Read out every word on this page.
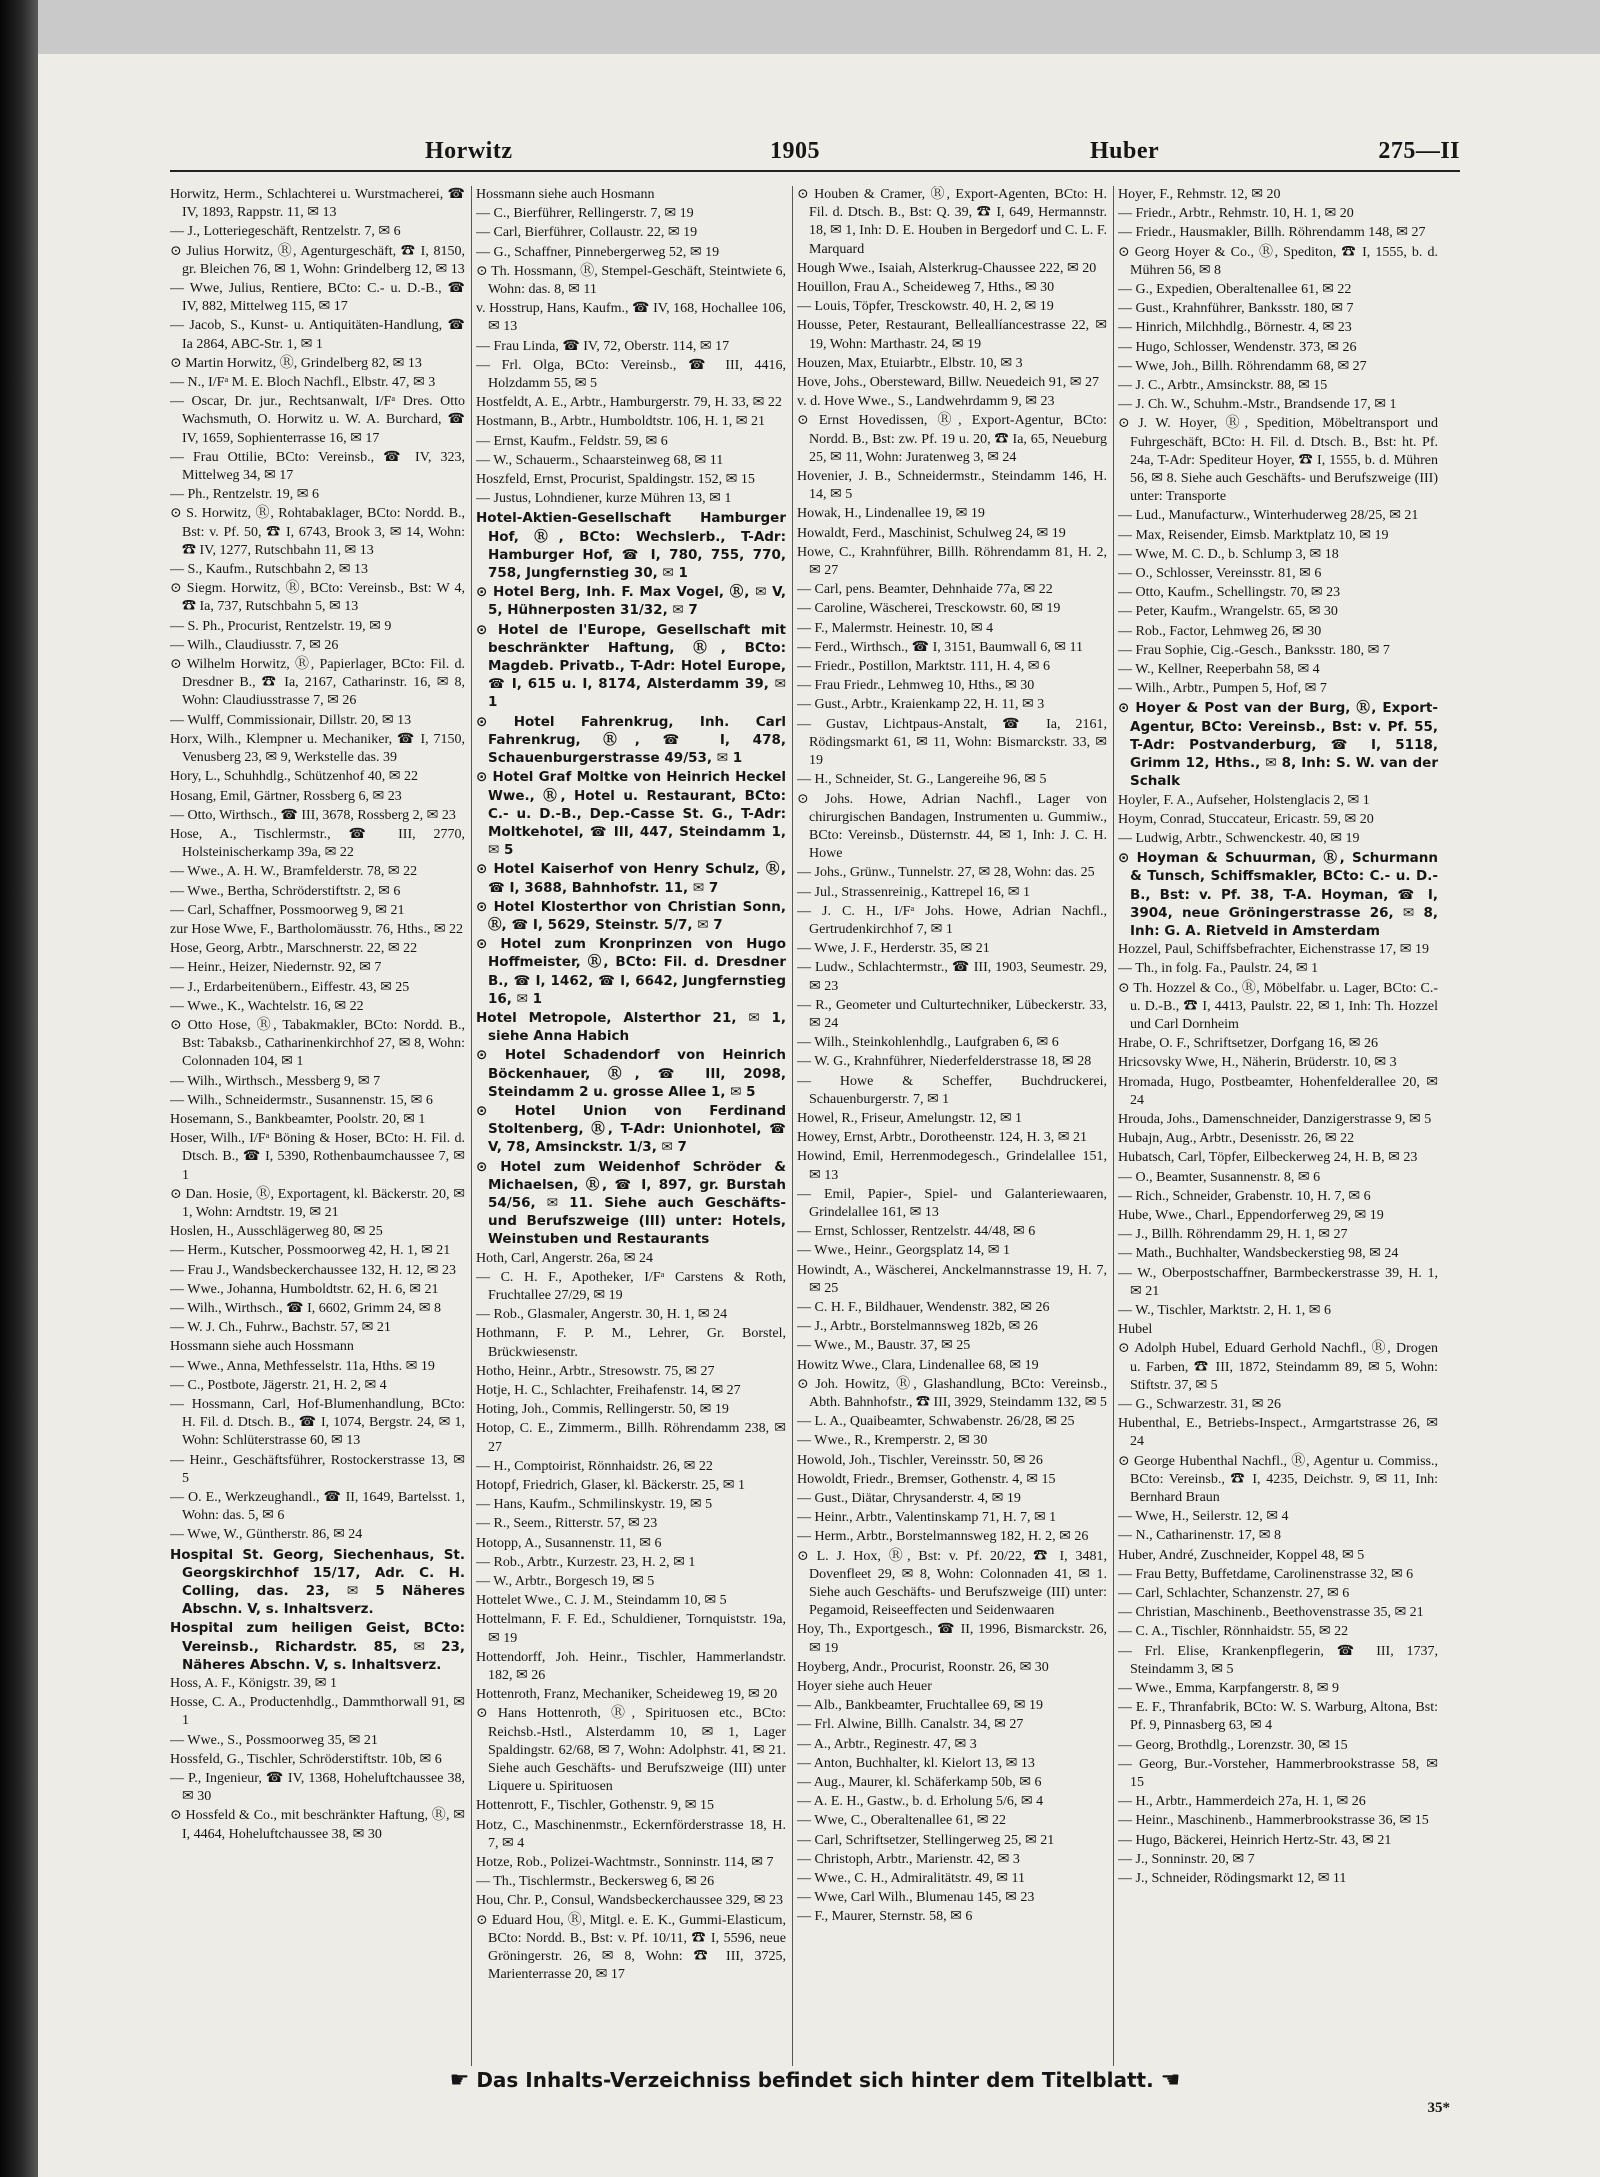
Horwitz	1905	Huber	275—II

Horwitz, Herm., Schlachterei u. Wurstmacherei, ☎ IV, 1893, Rappstr. 11, ✉ 13

— J., Lotteriegeschäft, Rentzelstr. 7, ✉ 6

⊙ Julius Horwitz, Ⓡ, Agenturgeschäft, ☎ I, 8150, gr. Bleichen 76, ✉ 1, Wohn: Grindelberg 12, ✉ 13

— Wwe, Julius, Rentiere, BCto: C.- u. D.-B., ☎ IV, 882, Mittelweg 115, ✉ 17

— Jacob, S., Kunst- u. Antiquitäten-Handlung, ☎ Ia 2864, ABC-Str. 1, ✉ 1

⊙ Martin Horwitz, Ⓡ, Grindelberg 82, ✉ 13

— N., I/Fᵃ M. E. Bloch Nachfl., Elbstr. 47, ✉ 3

— Oscar, Dr. jur., Rechtsanwalt, I/Fᵃ Dres. Otto Wachsmuth, O. Horwitz u. W. A. Burchard, ☎ IV, 1659, Sophienterrasse 16, ✉ 17

— Frau Ottilie, BCto: Vereinsb., ☎ IV, 323, Mittelweg 34, ✉ 17

— Ph., Rentzelstr. 19, ✉ 6

⊙ S. Horwitz, Ⓡ, Rohtabaklager, BCto: Nordd. B., Bst: v. Pf. 50, ☎ I, 6743, Brook 3, ✉ 14, Wohn: ☎ IV, 1277, Rutschbahn 11, ✉ 13

— S., Kaufm., Rutschbahn 2, ✉ 13

⊙ Siegm. Horwitz, Ⓡ, BCto: Vereinsb., Bst: W 4, ☎ Ia, 737, Rutschbahn 5, ✉ 13

— S. Ph., Procurist, Rentzelstr. 19, ✉ 9

— Wilh., Claudiusstr. 7, ✉ 26

⊙ Wilhelm Horwitz, Ⓡ, Papierlager, BCto: Fil. d. Dresdner B., ☎ Ia, 2167, Catharinstr. 16, ✉ 8, Wohn: Claudiusstrasse 7, ✉ 26

— Wulff, Commissionair, Dillstr. 20, ✉ 13

Horx, Wilh., Klempner u. Mechaniker, ☎ I, 7150, Venusberg 23, ✉ 9, Werkstelle das. 39

Hory, L., Schuhhdlg., Schützenhof 40, ✉ 22

Hosang, Emil, Gärtner, Rossberg 6, ✉ 23

— Otto, Wirthsch., ☎ III, 3678, Rossberg 2, ✉ 23

Hose, A., Tischlermstr., ☎ III, 2770, Holsteinischerkamp 39a, ✉ 22

— Wwe., A. H. W., Bramfelderstr. 78, ✉ 22

— Wwe., Bertha, Schröderstiftstr. 2, ✉ 6

— Carl, Schaffner, Possmoorweg 9, ✉ 21

zur Hose Wwe, F., Bartholomäusstr. 76, Hths., ✉ 22

Hose, Georg, Arbtr., Marschnerstr. 22, ✉ 22

— Heinr., Heizer, Niedernstr. 92, ✉ 7

— J., Erdarbeitenübern., Eiffestr. 43, ✉ 25

— Wwe., K., Wachtelstr. 16, ✉ 22

⊙ Otto Hose, Ⓡ, Tabakmakler, BCto: Nordd. B., Bst: Tabaksb., Catharinenkirchhof 27, ✉ 8, Wohn: Colonnaden 104, ✉ 1

— Wilh., Wirthsch., Messberg 9, ✉ 7

— Wilh., Schneidermstr., Susannenstr. 15, ✉ 6

Hosemann, S., Bankbeamter, Poolstr. 20, ✉ 1

Hoser, Wilh., I/Fᵃ Böning & Hoser, BCto: H. Fil. d. Dtsch. B., ☎ I, 5390, Rothenbaumchaussee 7, ✉ 1

⊙ Dan. Hosie, Ⓡ, Exportagent, kl. Bäckerstr. 20, ✉ 1, Wohn: Arndtstr. 19, ✉ 21

Hoslen, H., Ausschlägerweg 80, ✉ 25

— Herm., Kutscher, Possmoorweg 42, H. 1, ✉ 21

— Frau J., Wandsbeckerchaussee 132, H. 12, ✉ 23

— Wwe., Johanna, Humboldtstr. 62, H. 6, ✉ 21

— Wilh., Wirthsch., ☎ I, 6602, Grimm 24, ✉ 8

— W. J. Ch., Fuhrw., Bachstr. 57, ✉ 21

Hossmann siehe auch Hossmann

— Wwe., Anna, Methfesselstr. 11a, Hths. ✉ 19

— C., Postbote, Jägerstr. 21, H. 2, ✉ 4

— Hossmann, Carl, Hof-Blumenhandlung, BCto: H. Fil. d. Dtsch. B., ☎ I, 1074, Bergstr. 24, ✉ 1, Wohn: Schlüterstrasse 60, ✉ 13

— Heinr., Geschäftsführer, Rostockerstrasse 13, ✉ 5

— O. E., Werkzeughandl., ☎ II, 1649, Bartelsst. 1, Wohn: das. 5, ✉ 6

— Wwe, W., Güntherstr. 86, ✉ 24

Hospital St. Georg, Siechenhaus, St. Georgskirchhof 15/17, Adr. C. H. Colling, das. 23, ✉ 5 Näheres Abschn. V, s. Inhaltsverz.

Hospital zum heiligen Geist, BCto: Vereinsb., Richardstr. 85, ✉ 23, Näheres Abschn. V, s. Inhaltsverz.

Hoss, A. F., Königstr. 39, ✉ 1

Hosse, C. A., Productenhdlg., Dammthorwall 91, ✉ 1

— Wwe., S., Possmoorweg 35, ✉ 21

Hossfeld, G., Tischler, Schröderstiftstr. 10b, ✉ 6

— P., Ingenieur, ☎ IV, 1368, Hoheluftchaussee 38, ✉ 30

⊙ Hossfeld & Co., mit beschränkter Haftung, Ⓡ, ✉ I, 4464, Hoheluftchaussee 38, ✉ 30

Hossmann siehe auch Hosmann

— C., Bierführer, Rellingerstr. 7, ✉ 19

— Carl, Bierführer, Collaustr. 22, ✉ 19

— G., Schaffner, Pinnebergerweg 52, ✉ 19

⊙ Th. Hossmann, Ⓡ, Stempel-Geschäft, Steintwiete 6, Wohn: das. 8, ✉ 11

v. Hosstrup, Hans, Kaufm., ☎ IV, 168, Hochallee 106, ✉ 13

— Frau Linda, ☎ IV, 72, Oberstr. 114, ✉ 17

— Frl. Olga, BCto: Vereinsb., ☎ III, 4416, Holzdamm 55, ✉ 5

Hostfeldt, A. E., Arbtr., Hamburgerstr. 79, H. 33, ✉ 22

Hostmann, B., Arbtr., Humboldtstr. 106, H. 1, ✉ 21

— Ernst, Kaufm., Feldstr. 59, ✉ 6

— W., Schauerm., Schaarsteinweg 68, ✉ 11

Hoszfeld, Ernst, Procurist, Spaldingstr. 152, ✉ 15

— Justus, Lohndiener, kurze Mühren 13, ✉ 1

Hotel-Aktien-Gesellschaft Hamburger Hof, Ⓡ, BCto: Wechslerb., T-Adr: Hamburger Hof, ☎ I, 780, 755, 770, 758, Jungfernstieg 30, ✉ 1

⊙ Hotel Berg, Inh. F. Max Vogel, Ⓡ, ✉ V, 5, Hühnerposten 31/32, ✉ 7

⊙ Hotel de l'Europe, Gesellschaft mit beschränkter Haftung, Ⓡ, BCto: Magdeb. Privatb., T-Adr: Hotel Europe, ☎ I, 615 u. I, 8174, Alsterdamm 39, ✉ 1

⊙ Hotel Fahrenkrug, Inh. Carl Fahrenkrug, Ⓡ, ☎ I, 478, Schauenburgerstrasse 49/53, ✉ 1

⊙ Hotel Graf Moltke von Heinrich Heckel Wwe., Ⓡ, Hotel u. Restaurant, BCto: C.- u. D.-B., Dep.-Casse St. G., T-Adr: Moltkehotel, ☎ III, 447, Steindamm 1, ✉ 5

⊙ Hotel Kaiserhof von Henry Schulz, Ⓡ, ☎ I, 3688, Bahnhofstr. 11, ✉ 7

⊙ Hotel Klosterthor von Christian Sonn, Ⓡ, ☎ I, 5629, Steinstr. 5/7, ✉ 7

⊙ Hotel zum Kronprinzen von Hugo Hoffmeister, Ⓡ, BCto: Fil. d. Dresdner B., ☎ I, 1462, ☎ I, 6642, Jungfernstieg 16, ✉ 1

Hotel Metropole, Alsterthor 21, ✉ 1, siehe Anna Habich

⊙ Hotel Schadendorf von Heinrich Böckenhauer, Ⓡ, ☎ III, 2098, Steindamm 2 u. grosse Allee 1, ✉ 5

⊙ Hotel Union von Ferdinand Stoltenberg, Ⓡ, T-Adr: Unionhotel, ☎ V, 78, Amsinckstr. 1/3, ✉ 7

⊙ Hotel zum Weidenhof Schröder & Michaelsen, Ⓡ, ☎ I, 897, gr. Burstah 54/56, ✉ 11. Siehe auch Geschäfts- und Berufszweige (III) unter: Hotels, Weinstuben und Restaurants

Hoth, Carl, Angerstr. 26a, ✉ 24

— C. H. F., Apotheker, I/Fᵃ Carstens & Roth, Fruchtallee 27/29, ✉ 19

— Rob., Glasmaler, Angerstr. 30, H. 1, ✉ 24

Hothmann, F. P. M., Lehrer, Gr. Borstel, Brückwiesenstr.

Hotho, Heinr., Arbtr., Stresowstr. 75, ✉ 27

Hotje, H. C., Schlachter, Freihafenstr. 14, ✉ 27

Hoting, Joh., Commis, Rellingerstr. 50, ✉ 19

Hotop, C. E., Zimmerm., Billh. Röhrendamm 238, ✉ 27

— H., Comptoirist, Rönnhaidstr. 26, ✉ 22

Hotopf, Friedrich, Glaser, kl. Bäckerstr. 25, ✉ 1

— Hans, Kaufm., Schmilinskystr. 19, ✉ 5

— R., Seem., Ritterstr. 57, ✉ 23

Hotopp, A., Susannenstr. 11, ✉ 6

— Rob., Arbtr., Kurzestr. 23, H. 2, ✉ 1

— W., Arbtr., Borgesch 19, ✉ 5

Hottelet Wwe., C. J. M., Steindamm 10, ✉ 5

Hottelmann, F. F. Ed., Schuldiener, Tornquiststr. 19a, ✉ 19

Hottendorff, Joh. Heinr., Tischler, Hammerlandstr. 182, ✉ 26

Hottenroth, Franz, Mechaniker, Scheideweg 19, ✉ 20

⊙ Hans Hottenroth, Ⓡ, Spirituosen etc., BCto: Reichsb.-Hstl., Alsterdamm 10, ✉ 1, Lager Spaldingstr. 62/68, ✉ 7, Wohn: Adolphstr. 41, ✉ 21. Siehe auch Geschäfts- und Berufszweige (III) unter Liquere u. Spirituosen

Hottenrott, F., Tischler, Gothenstr. 9, ✉ 15

Hotz, C., Maschinenmstr., Eckernförderstrasse 18, H. 7, ✉ 4

Hotze, Rob., Polizei-Wachtmstr., Sonninstr. 114, ✉ 7

— Th., Tischlermstr., Beckersweg 6, ✉ 26

Hou, Chr. P., Consul, Wandsbeckerchaussee 329, ✉ 23

⊙ Eduard Hou, Ⓡ, Mitgl. e. E. K., Gummi-Elasticum, BCto: Nordd. B., Bst: v. Pf. 10/11, ☎ I, 5596, neue Gröningerstr. 26, ✉ 8, Wohn: ☎ III, 3725, Marienterrasse 20, ✉ 17

⊙ Houben & Cramer, Ⓡ, Export-Agenten, BCto: H. Fil. d. Dtsch. B., Bst: Q. 39, ☎ I, 649, Hermannstr. 18, ✉ 1, Inh: D. E. Houben in Bergedorf und C. L. F. Marquard

Hough Wwe., Isaiah, Alsterkrug-Chaussee 222, ✉ 20

Houillon, Frau A., Scheideweg 7, Hths., ✉ 30

— Louis, Töpfer, Tresckowstr. 40, H. 2, ✉ 19

Housse, Peter, Restaurant, Belleallíancestrasse 22, ✉ 19, Wohn: Marthastr. 24, ✉ 19

Houzen, Max, Etuiarbtr., Elbstr. 10, ✉ 3

Hove, Johs., Obersteward, Billw. Neuedeich 91, ✉ 27

v. d. Hove Wwe., S., Landwehrdamm 9, ✉ 23

⊙ Ernst Hovedissen, Ⓡ, Export-Agentur, BCto: Nordd. B., Bst: zw. Pf. 19 u. 20, ☎ Ia, 65, Neueburg 25, ✉ 11, Wohn: Juratenweg 3, ✉ 24

Hovenier, J. B., Schneidermstr., Steindamm 146, H. 14, ✉ 5

Howak, H., Lindenallee 19, ✉ 19

Howaldt, Ferd., Maschinist, Schulweg 24, ✉ 19

Howe, C., Krahnführer, Billh. Röhrendamm 81, H. 2, ✉ 27

— Carl, pens. Beamter, Dehnhaide 77a, ✉ 22

— Caroline, Wäscherei, Tresckowstr. 60, ✉ 19

— F., Malermstr. Heinestr. 10, ✉ 4

— Ferd., Wirthsch., ☎ I, 3151, Baumwall 6, ✉ 11

— Friedr., Postillon, Marktstr. 111, H. 4, ✉ 6

— Frau Friedr., Lehmweg 10, Hths., ✉ 30

— Gust., Arbtr., Kraienkamp 22, H. 11, ✉ 3

— Gustav, Lichtpaus-Anstalt, ☎ Ia, 2161, Rödingsmarkt 61, ✉ 11, Wohn: Bismarckstr. 33, ✉ 19

— H., Schneider, St. G., Langereihe 96, ✉ 5

⊙ Johs. Howe, Adrian Nachfl., Lager von chirurgischen Bandagen, Instrumenten u. Gummiw., BCto: Vereinsb., Düsternstr. 44, ✉ 1, Inh: J. C. H. Howe

— Johs., Grünw., Tunnelstr. 27, ✉ 28, Wohn: das. 25

— Jul., Strassenreinig., Kattrepel 16, ✉ 1

— J. C. H., I/Fᵃ Johs. Howe, Adrian Nachfl., Gertrudenkirchhof 7, ✉ 1

— Wwe, J. F., Herderstr. 35, ✉ 21

— Ludw., Schlachtermstr., ☎ III, 1903, Seumestr. 29, ✉ 23

— R., Geometer und Culturtechniker, Lübeckerstr. 33, ✉ 24

— Wilh., Steinkohlenhdlg., Laufgraben 6, ✉ 6

— W. G., Krahnführer, Niederfelderstrasse 18, ✉ 28

— Howe & Scheffer, Buchdruckerei, Schauenburgerstr. 7, ✉ 1

Howel, R., Friseur, Amelungstr. 12, ✉ 1

Howey, Ernst, Arbtr., Dorotheenstr. 124, H. 3, ✉ 21

Howind, Emil, Herrenmodegesch., Grindelallee 151, ✉ 13

— Emil, Papier-, Spiel- und Galanteriewaaren, Grindelallee 161, ✉ 13

— Ernst, Schlosser, Rentzelstr. 44/48, ✉ 6

— Wwe., Heinr., Georgsplatz 14, ✉ 1

Howindt, A., Wäscherei, Anckelmannstrasse 19, H. 7, ✉ 25

— C. H. F., Bildhauer, Wendenstr. 382, ✉ 26

— J., Arbtr., Borstelmannsweg 182b, ✉ 26

— Wwe., M., Baustr. 37, ✉ 25

Howitz Wwe., Clara, Lindenallee 68, ✉ 19

⊙ Joh. Howitz, Ⓡ, Glashandlung, BCto: Vereinsb., Abth. Bahnhofstr., ☎ III, 3929, Steindamm 132, ✉ 5

— L. A., Quaibeamter, Schwabenstr. 26/28, ✉ 25

— Wwe., R., Kremperstr. 2, ✉ 30

Howold, Joh., Tischler, Vereinsstr. 50, ✉ 26

Howoldt, Friedr., Bremser, Gothenstr. 4, ✉ 15

— Gust., Diätar, Chrysanderstr. 4, ✉ 19

— Heinr., Arbtr., Valentinskamp 71, H. 7, ✉ 1

— Herm., Arbtr., Borstelmannsweg 182, H. 2, ✉ 26

⊙ L. J. Hox, Ⓡ, Bst: v. Pf. 20/22, ☎ I, 3481, Dovenfleet 29, ✉ 8, Wohn: Colonnaden 41, ✉ 1. Siehe auch Geschäfts- und Berufszweige (III) unter: Pegamoid, Reiseeffecten und Seidenwaaren

Hoy, Th., Exportgesch., ☎ II, 1996, Bismarckstr. 26, ✉ 19

Hoyberg, Andr., Procurist, Roonstr. 26, ✉ 30

Hoyer siehe auch Heuer

— Alb., Bankbeamter, Fruchtallee 69, ✉ 19

— Frl. Alwine, Billh. Canalstr. 34, ✉ 27

— A., Arbtr., Reginestr. 47, ✉ 3

— Anton, Buchhalter, kl. Kielort 13, ✉ 13

— Aug., Maurer, kl. Schäferkamp 50b, ✉ 6

— A. E. H., Gastw., b. d. Erholung 5/6, ✉ 4

— Wwe, C., Oberaltenallee 61, ✉ 22

— Carl, Schriftsetzer, Stellingerweg 25, ✉ 21

— Christoph, Arbtr., Marienstr. 42, ✉ 3

— Wwe., C. H., Admiralitätstr. 49, ✉ 11

— Wwe, Carl Wilh., Blumenau 145, ✉ 23

— F., Maurer, Sternstr. 58, ✉ 6

Hoyer, F., Rehmstr. 12, ✉ 20

— Friedr., Arbtr., Rehmstr. 10, H. 1, ✉ 20

— Friedr., Hausmakler, Billh. Röhrendamm 148, ✉ 27

⊙ Georg Hoyer & Co., Ⓡ, Spediton, ☎ I, 1555, b. d. Mühren 56, ✉ 8

— G., Expedien, Oberaltenallee 61, ✉ 22

— Gust., Krahnführer, Banksstr. 180, ✉ 7

— Hinrich, Milchhdlg., Börnestr. 4, ✉ 23

— Hugo, Schlosser, Wendenstr. 373, ✉ 26

— Wwe, Joh., Billh. Röhrendamm 68, ✉ 27

— J. C., Arbtr., Amsinckstr. 88, ✉ 15

— J. Ch. W., Schuhm.-Mstr., Brandsende 17, ✉ 1

⊙ J. W. Hoyer, Ⓡ, Spedition, Möbeltransport und Fuhrgeschäft, BCto: H. Fil. d. Dtsch. B., Bst: ht. Pf. 24a, T-Adr: Spediteur Hoyer, ☎ I, 1555, b. d. Mühren 56, ✉ 8. Siehe auch Geschäfts- und Berufszweige (III) unter: Transporte

— Lud., Manufacturw., Winterhuderweg 28/25, ✉ 21

— Max, Reisender, Eimsb. Marktplatz 10, ✉ 19

— Wwe, M. C. D., b. Schlump 3, ✉ 18

— O., Schlosser, Vereinsstr. 81, ✉ 6

— Otto, Kaufm., Schellingstr. 70, ✉ 23

— Peter, Kaufm., Wrangelstr. 65, ✉ 30

— Rob., Factor, Lehmweg 26, ✉ 30

— Frau Sophie, Cig.-Gesch., Banksstr. 180, ✉ 7

— W., Kellner, Reeperbahn 58, ✉ 4

— Wilh., Arbtr., Pumpen 5, Hof, ✉ 7

⊙ Hoyer & Post van der Burg, Ⓡ, Export-Agentur, BCto: Vereinsb., Bst: v. Pf. 55, T-Adr: Postvanderburg, ☎ I, 5118, Grimm 12, Hths., ✉ 8, Inh: S. W. van der Schalk

Hoyler, F. A., Aufseher, Holstenglacis 2, ✉ 1

Hoym, Conrad, Stuccateur, Ericastr. 59, ✉ 20

— Ludwig, Arbtr., Schwenckestr. 40, ✉ 19

⊙ Hoyman & Schuurman, Ⓡ, Schurmann & Tunsch, Schiffsmakler, BCto: C.- u. D.-B., Bst: v. Pf. 38, T-A. Hoyman, ☎ I, 3904, neue Gröningerstrasse 26, ✉ 8, Inh: G. A. Rietveld in Amsterdam

Hozzel, Paul, Schiffsbefrachter, Eichenstrasse 17, ✉ 19

— Th., in folg. Fa., Paulstr. 24, ✉ 1

⊙ Th. Hozzel & Co., Ⓡ, Möbelfabr. u. Lager, BCto: C.- u. D.-B., ☎ I, 4413, Paulstr. 22, ✉ 1, Inh: Th. Hozzel und Carl Dornheim

Hrabe, O. F., Schriftsetzer, Dorfgang 16, ✉ 26

Hricsovsky Wwe, H., Näherin, Brüderstr. 10, ✉ 3

Hromada, Hugo, Postbeamter, Hohenfelderallee 20, ✉ 24

Hrouda, Johs., Damenschneider, Danzigerstrasse 9, ✉ 5

Hubajn, Aug., Arbtr., Desenisstr. 26, ✉ 22

Hubatsch, Carl, Töpfer, Eilbeckerweg 24, H. B, ✉ 23

— O., Beamter, Susannenstr. 8, ✉ 6

— Rich., Schneider, Grabenstr. 10, H. 7, ✉ 6

Hube, Wwe., Charl., Eppendorferweg 29, ✉ 19

— J., Billh. Röhrendamm 29, H. 1, ✉ 27

— Math., Buchhalter, Wandsbeckerstieg 98, ✉ 24

— W., Oberpostschaffner, Barmbeckerstrasse 39, H. 1, ✉ 21

— W., Tischler, Marktstr. 2, H. 1, ✉ 6

Hubel

⊙ Adolph Hubel, Eduard Gerhold Nachfl., Ⓡ, Drogen u. Farben, ☎ III, 1872, Steindamm 89, ✉ 5, Wohn: Stiftstr. 37, ✉ 5

— G., Schwarzestr. 31, ✉ 26

Hubenthal, E., Betriebs-Inspect., Armgartstrasse 26, ✉ 24

⊙ George Hubenthal Nachfl., Ⓡ, Agentur u. Commiss., BCto: Vereinsb., ☎ I, 4235, Deichstr. 9, ✉ 11, Inh: Bernhard Braun

— Wwe, H., Seilerstr. 12, ✉ 4

— N., Catharinenstr. 17, ✉ 8

Huber, André, Zuschneider, Koppel 48, ✉ 5

— Frau Betty, Buffetdame, Carolinenstrasse 32, ✉ 6

— Carl, Schlachter, Schanzenstr. 27, ✉ 6

— Christian, Maschinenb., Beethovenstrasse 35, ✉ 21

— C. A., Tischler, Rönnhaidstr. 55, ✉ 22

— Frl. Elise, Krankenpflegerin, ☎ III, 1737, Steindamm 3, ✉ 5

— Wwe., Emma, Karpfangerstr. 8, ✉ 9

— E. F., Thranfabrik, BCto: W. S. Warburg, Altona, Bst: Pf. 9, Pinnasberg 63, ✉ 4

— Georg, Brothdlg., Lorenzstr. 30, ✉ 15

— Georg, Bur.-Vorsteher, Hammerbrookstrasse 58, ✉ 15

— H., Arbtr., Hammerdeich 27a, H. 1, ✉ 26

— Heinr., Maschinenb., Hammerbrookstrasse 36, ✉ 15

— Hugo, Bäckerei, Heinrich Hertz-Str. 43, ✉ 21

— J., Sonninstr. 20, ✉ 7

— J., Schneider, Rödingsmarkt 12, ✉ 11

☛ Das Inhalts-Verzeichniss befindet sich hinter dem Titelblatt. ☚
35*
